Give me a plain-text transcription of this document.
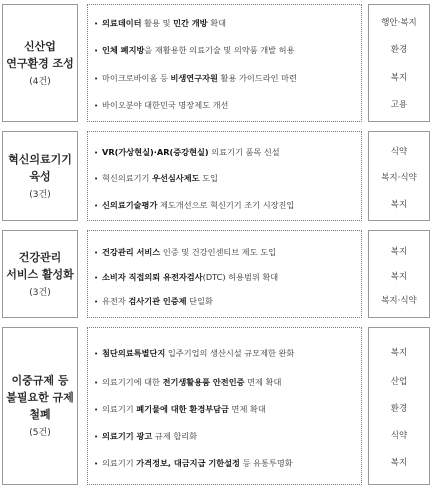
신산업
연구환경 조성
(4건)
• 의료데이터 활용 및 민간 개방 확대
• 인체 폐지방을 재활용한 의료기술 및 의약품 개발 허용
• 마이크로바이옴 등 비생연구자원 활용 가이드라인 마련
• 바이오분야 대한민국 명장제도 개선
행안·복지
환경
복지
고용
혁신의료기기
육성
(3건)
• VR(가상현실)·AR(증강현실) 의료기기 품목 신설
• 혁신의료기기 우선심사제도 도입
• 신의료기술평가 제도개선으로 혁신기기 조기 시장진입
식약
복지·식약
복지
건강관리
서비스 활성화
(3건)
• 건강관리 서비스 인증 및 건강인센티브 제도 도입
• 소비자 직접의뢰 유전자검사(DTC) 허용범위 확대
• 유전자 검사기관 인증제 단일화
복지
복지
복지·식약
이중규제 등
불필요한 규제
철폐
(5건)
• 첨단의료특별단지 입주기업의 생산시설 규모제한 완화
• 의료기기에 대한 전기생활용품 안전인증 면제 확대
• 의료기기 폐기물에 대한 환경부담금 면제 확대
• 의료기기 광고 규제 합리화
• 의료기기 가격정보, 대금지급 기한설정 등 유통투명화
복지
산업
환경
식약
복지
